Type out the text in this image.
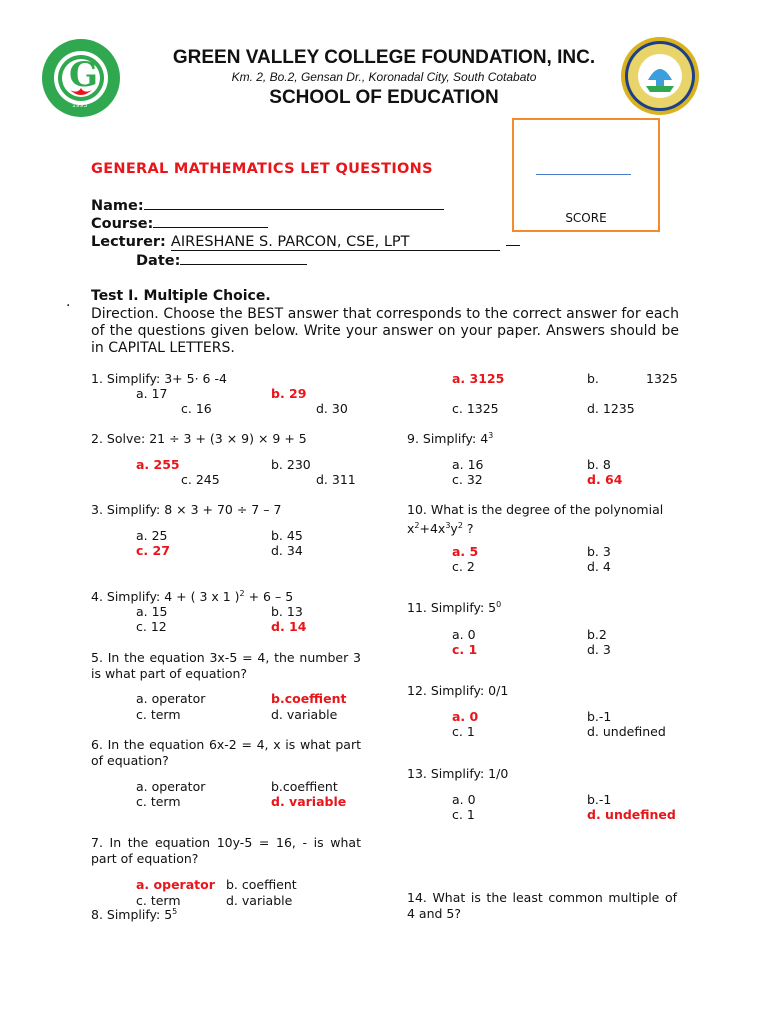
G
1995
GREEN VALLEY COLLEGE FOUNDATION, INC.
Km. 2, Bo.2, Gensan Dr., Koronadal City, South Cotabato
SCHOOL OF EDUCATION
GENERAL MATHEMATICS LET QUESTIONS
Name:
Course:
Lecturer: AIRESHANE S. PARCON, CSE, LPT
Date:
SCORE
. Test I. Multiple Choice.
Direction. Choose the BEST answer that corresponds to the correct answer for each of the questions given below. Write your answer on your paper. Answers should be in CAPITAL LETTERS.
1. Simplify: 3+ 5· 6 -4
a. 17	b. 29
c. 16	d. 30
2. Solve: 21 ÷ 3 + (3 × 9) × 9 + 5
a. 255	b. 230
c. 245	d. 311
3. Simplify: 8 × 3 + 70 ÷ 7 – 7
a. 25	b. 45
c. 27	d. 34
4. Simplify: 4 + ( 3 x 1 )$^2$ + 6 – 5
a. 15	b. 13
c. 12	d. 14
5. In the equation 3x-5 = 4, the number 3 is what part of equation?
a. operator	b.coeffient
c. term	d. variable
6. In the equation 6x-2 = 4, x is what part of equation?
a. operator	b.coeffient
c. term	d. variable
7. In the equation 10y-5 = 16, - is what part of equation?
a. operator b. coeffient
c. term	d. variable
8. Simplify: $5^5$
a. 3125	b.	1325
c. 1325	d. 1235
9. Simplify: $4^3$
a. 16	b. 8
c. 32	d. 64
10. What is the degree of the polynomial
$x^2+4x^3y^2$ ?
a. 5	b. 3
c. 2	d. 4
11. Simplify: $5^0$
a. 0	b.2
c. 1	d. 3
12. Simplify: 0/1
a. 0	b.-1
c. 1	d. undefined
13. Simplify: 1/0
a. 0	b.-1
c. 1	d. undefined
14. What is the least common multiple of 4 and 5?
